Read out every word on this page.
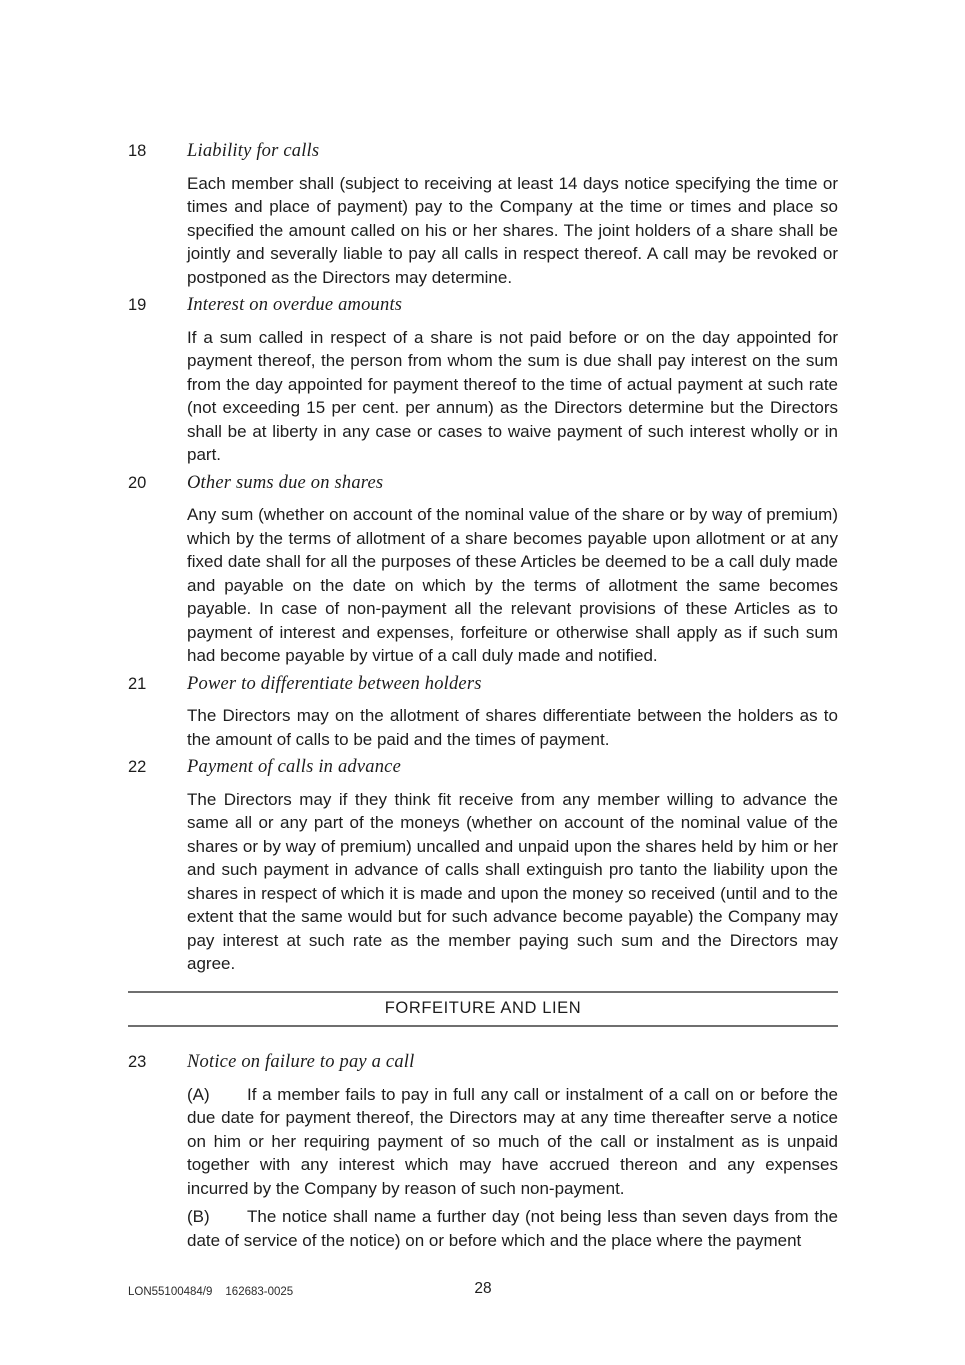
18	Liability for calls

Each member shall (subject to receiving at least 14 days notice specifying the time or times and place of payment) pay to the Company at the time or times and place so specified the amount called on his or her shares. The joint holders of a share shall be jointly and severally liable to pay all calls in respect thereof. A call may be revoked or postponed as the Directors may determine.

19	Interest on overdue amounts

If a sum called in respect of a share is not paid before or on the day appointed for payment thereof, the person from whom the sum is due shall pay interest on the sum from the day appointed for payment thereof to the time of actual payment at such rate (not exceeding 15 per cent. per annum) as the Directors determine but the Directors shall be at liberty in any case or cases to waive payment of such interest wholly or in part.

20	Other sums due on shares

Any sum (whether on account of the nominal value of the share or by way of premium) which by the terms of allotment of a share becomes payable upon allotment or at any fixed date shall for all the purposes of these Articles be deemed to be a call duly made and payable on the date on which by the terms of allotment the same becomes payable. In case of non-payment all the relevant provisions of these Articles as to payment of interest and expenses, forfeiture or otherwise shall apply as if such sum had become payable by virtue of a call duly made and notified.

21	Power to differentiate between holders

The Directors may on the allotment of shares differentiate between the holders as to the amount of calls to be paid and the times of payment.

22	Payment of calls in advance

The Directors may if they think fit receive from any member willing to advance the same all or any part of the moneys (whether on account of the nominal value of the shares or by way of premium) uncalled and unpaid upon the shares held by him or her and such payment in advance of calls shall extinguish pro tanto the liability upon the shares in respect of which it is made and upon the money so received (until and to the extent that the same would but for such advance become payable) the Company may pay interest at such rate as the member paying such sum and the Directors may agree.

FORFEITURE AND LIEN
23	Notice on failure to pay a call

(A) If a member fails to pay in full any call or instalment of a call on or before the due date for payment thereof, the Directors may at any time thereafter serve a notice on him or her requiring payment of so much of the call or instalment as is unpaid together with any interest which may have accrued thereon and any expenses incurred by the Company by reason of such non-payment.

(B) The notice shall name a further day (not being less than seven days from the date of service of the notice) on or before which and the place where the payment

LON55100484/9 162683-0025	28
